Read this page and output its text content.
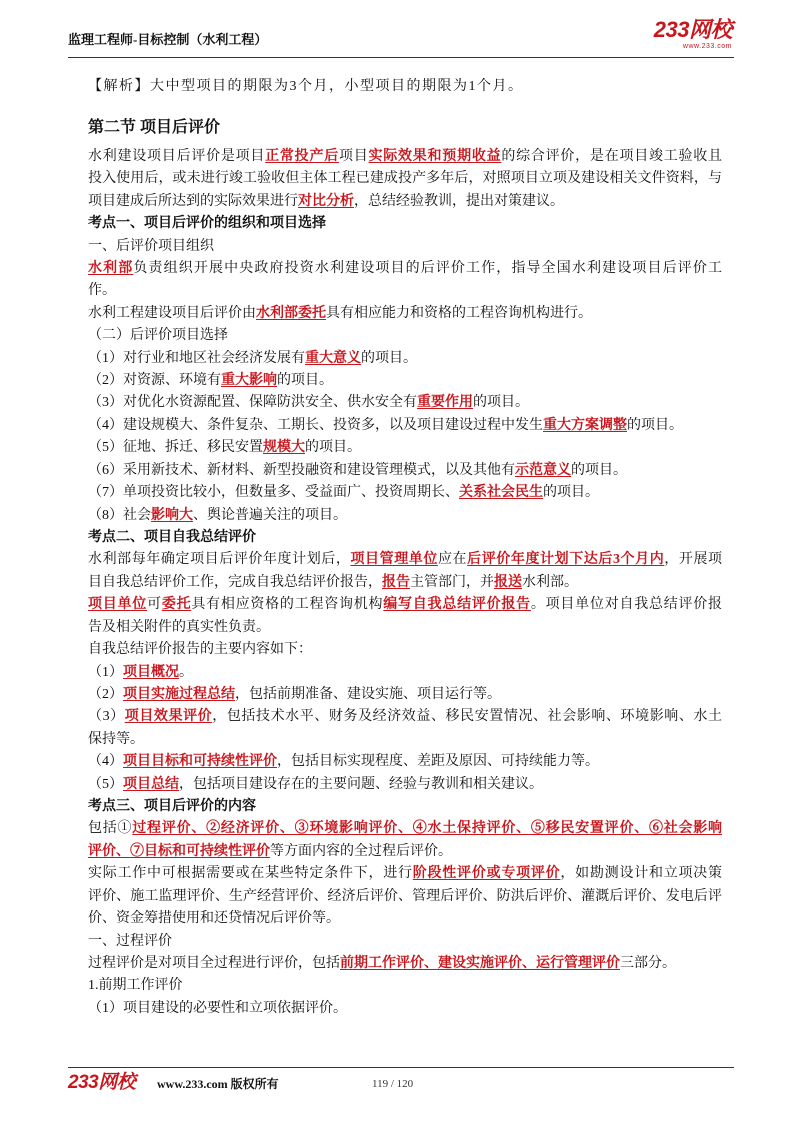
监理工程师-目标控制（水利工程）	233网校
www.233.com
【解析】大中型项目的期限为3个月，小型项目的期限为1个月。
第二节 项目后评价
水利建设项目后评价是项目正常投产后项目实际效果和预期收益的综合评价，是在项目竣工验收且
投入使用后，或未进行竣工验收但主体工程已建成投产多年后，对照项目立项及建设相关文件资料，与
项目建成后所达到的实际效果进行对比分析，总结经验教训，提出对策建议。
考点一、项目后评价的组织和项目选择
一、后评价项目组织
水利部负责组织开展中央政府投资水利建设项目的后评价工作，指导全国水利建设项目后评价工
作。
水利工程建设项目后评价由水利部委托具有相应能力和资格的工程咨询机构进行。
（二）后评价项目选择
（1）对行业和地区社会经济发展有重大意义的项目。
（2）对资源、环境有重大影响的项目。
（3）对优化水资源配置、保障防洪安全、供水安全有重要作用的项目。
（4）建设规模大、条件复杂、工期长、投资多，以及项目建设过程中发生重大方案调整的项目。
（5）征地、拆迁、移民安置规模大的项目。
（6）采用新技术、新材料、新型投融资和建设管理模式，以及其他有示范意义的项目。
（7）单项投资比较小，但数量多、受益面广、投资周期长、关系社会民生的项目。
（8）社会影响大、舆论普遍关注的项目。
考点二、项目自我总结评价
水利部每年确定项目后评价年度计划后，项目管理单位应在后评价年度计划下达后3个月内，开展项
目自我总结评价工作，完成自我总结评价报告，报告主管部门，并报送水利部。
项目单位可委托具有相应资格的工程咨询机构编写自我总结评价报告。项目单位对自我总结评价报
告及相关附件的真实性负责。
自我总结评价报告的主要内容如下：
（1）项目概况。
（2）项目实施过程总结，包括前期准备、建设实施、项目运行等。
（3）项目效果评价，包括技术水平、财务及经济效益、移民安置情况、社会影响、环境影响、水土
保持等。
（4）项目目标和可持续性评价，包括目标实现程度、差距及原因、可持续能力等。
（5）项目总结，包括项目建设存在的主要问题、经验与教训和相关建议。
考点三、项目后评价的内容
包括①过程评价、②经济评价、③环境影响评价、④水土保持评价、⑤移民安置评价、⑥社会影响
评价、⑦目标和可持续性评价等方面内容的全过程后评价。
实际工作中可根据需要或在某些特定条件下，进行阶段性评价或专项评价，如勘测设计和立项决策
评价、施工监理评价、生产经营评价、经济后评价、管理后评价、防洪后评价、灌溉后评价、发电后评
价、资金筹措使用和还贷情况后评价等。
一、过程评价
过程评价是对项目全过程进行评价，包括前期工作评价、建设实施评价、运行管理评价三部分。
1.前期工作评价
（1）项目建设的必要性和立项依据评价。
233网校 www.233.com 版权所有	119 / 120
